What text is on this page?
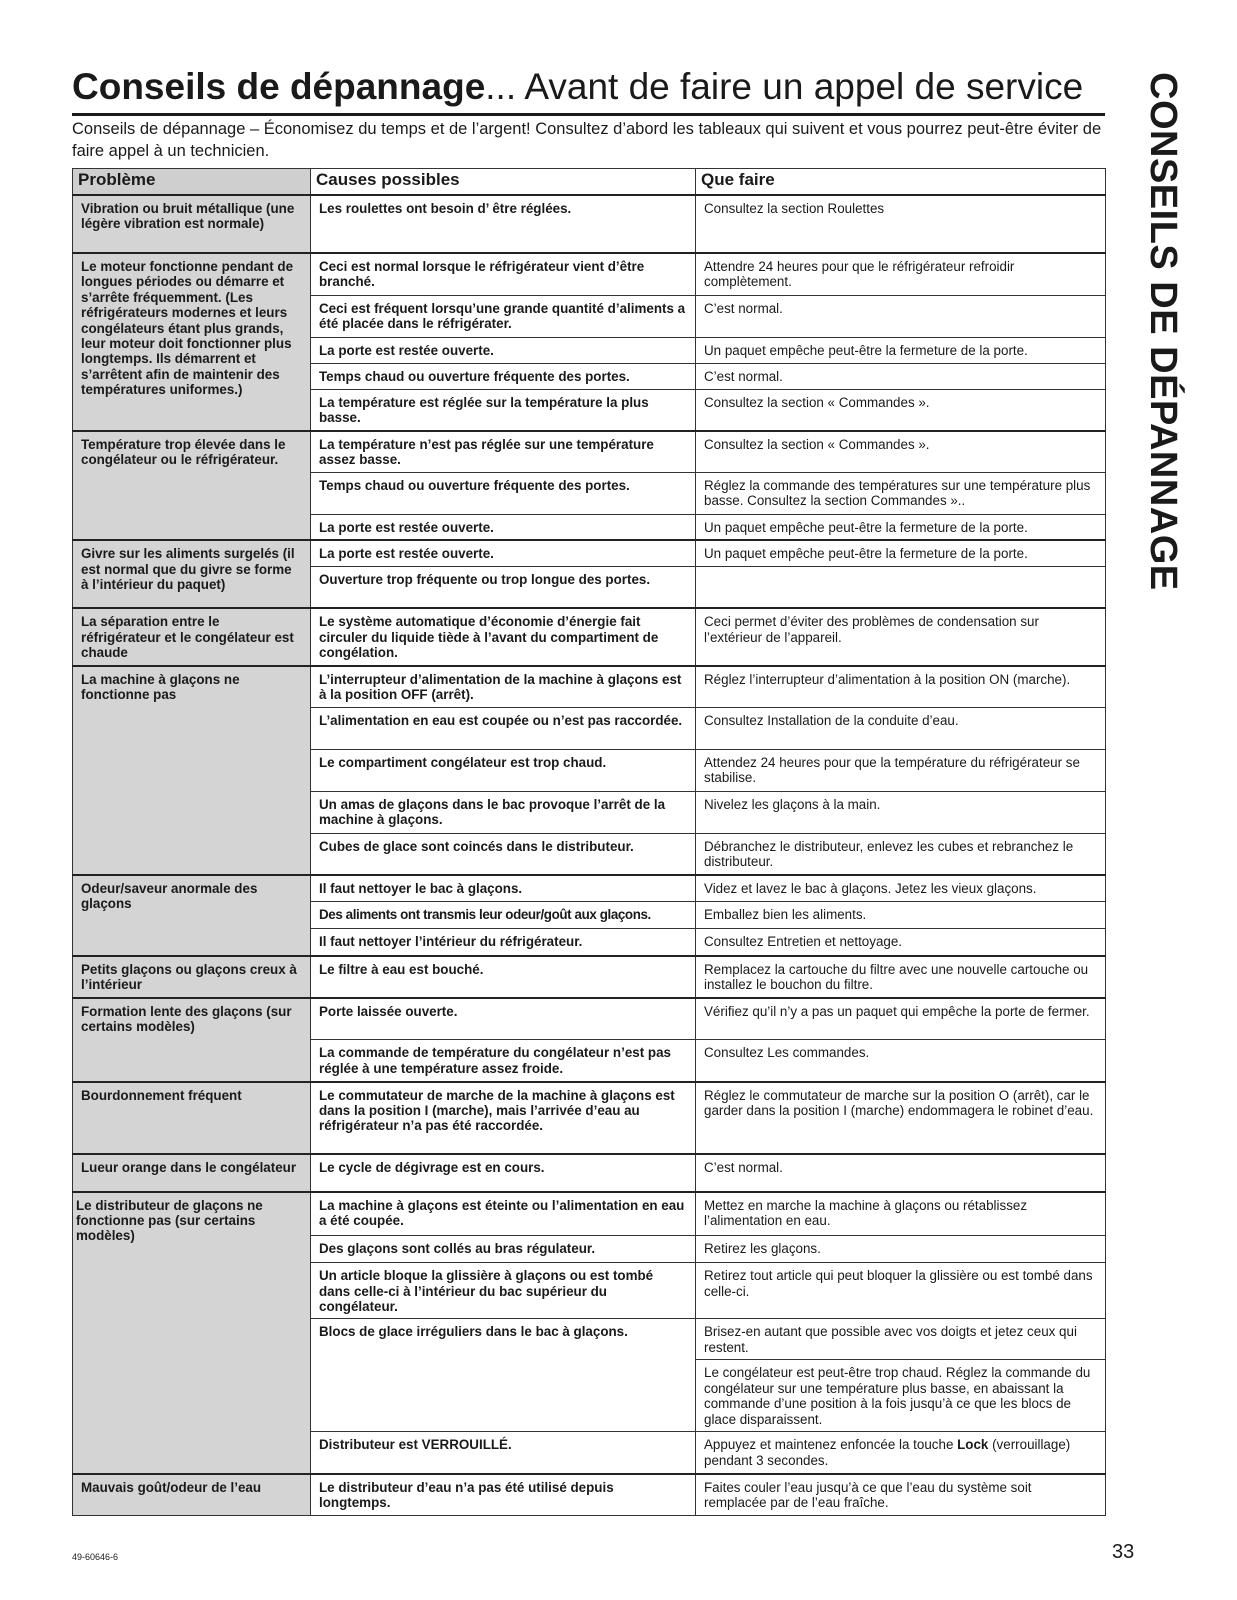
Conseils de dépannage... Avant de faire un appel de service
Conseils de dépannage – Économisez du temps et de l’argent! Consultez d’abord les tableaux qui suivent et vous pourrez peut-être éviter de faire appel à un technicien.	CONSEILS DE DÉPANNAGE
Problème	Causes possibles	Que faire
Vibration ou bruit métallique (une légère vibration est normale)	Les roulettes ont besoin d’ être réglées.	Consultez la section Roulettes
Le moteur fonctionne pendant de longues périodes ou démarre et s’arrête fréquemment. (Les réfrigérateurs modernes et leurs congélateurs étant plus grands, leur moteur doit fonctionner plus longtemps. Ils démarrent et s’arrêtent afin de maintenir des températures uniformes.)	Ceci est normal lorsque le réfrigérateur vient d’être branché.	Attendre 24 heures pour que le réfrigérateur refroidir complètement.
	Ceci est fréquent lorsqu’une grande quantité d’aliments a été placée dans le réfrigérater.	C’est normal.
	La porte est restée ouverte.	Un paquet empêche peut-être la fermeture de la porte.
	Temps chaud ou ouverture fréquente des portes.	C’est normal.
	La température est réglée sur la température la plus basse.	Consultez la section « Commandes ».
Température trop élevée dans le congélateur ou le réfrigérateur.	La température n’est pas réglée sur une température assez basse.	Consultez la section « Commandes ».
	Temps chaud ou ouverture fréquente des portes.	Réglez la commande des températures sur une température plus basse. Consultez la section Commandes »..
	La porte est restée ouverte.	Un paquet empêche peut-être la fermeture de la porte.
Givre sur les aliments surgelés (il est normal que du givre se forme à l’intérieur du paquet)	La porte est restée ouverte.	Un paquet empêche peut-être la fermeture de la porte.
	Ouverture trop fréquente ou trop longue des portes.	
La séparation entre le réfrigérateur et le congélateur est chaude	Le système automatique d’économie d’énergie fait circuler du liquide tiède à l’avant du compartiment de congélation.	Ceci permet d’éviter des problèmes de condensation sur l’extérieur de l’appareil.
La machine à glaçons ne fonctionne pas	L’interrupteur d’alimentation de la machine à glaçons est à la position OFF (arrêt).	Réglez l’interrupteur d’alimentation à la position ON (marche).
	L’alimentation en eau est coupée ou n’est pas raccordée.	Consultez Installation de la conduite d’eau.
	Le compartiment congélateur est trop chaud.	Attendez 24 heures pour que la température du réfrigérateur se stabilise.
	Un amas de glaçons dans le bac provoque l’arrêt de la machine à glaçons.	Nivelez les glaçons à la main.
	Cubes de glace sont coincés dans le distributeur.	Débranchez le distributeur, enlevez les cubes et rebranchez le distributeur.
Odeur/saveur anormale des glaçons	Il faut nettoyer le bac à glaçons.	Videz et lavez le bac à glaçons. Jetez les vieux glaçons.
	Des aliments ont transmis leur odeur/goût aux glaçons.	Emballez bien les aliments.
	Il faut nettoyer l’intérieur du réfrigérateur.	Consultez Entretien et nettoyage.
Petits glaçons ou glaçons creux à l’intérieur	Le filtre à eau est bouché.	Remplacez la cartouche du filtre avec une nouvelle cartouche ou installez le bouchon du filtre.
Formation lente des glaçons (sur certains modèles)	Porte laissée ouverte.	Vérifiez qu’il n’y a pas un paquet qui empêche la porte de fermer.
	La commande de température du congélateur n’est pas réglée à une température assez froide.	Consultez Les commandes.
Bourdonnement fréquent	Le commutateur de marche de la machine à glaçons est dans la position I (marche), mais l’arrivée d’eau au réfrigérateur n’a pas été raccordée.	Réglez le commutateur de marche sur la position O (arrêt), car le garder dans la position I (marche) endommagera le robinet d’eau.
Lueur orange dans le congélateur	Le cycle de dégivrage est en cours.	C’est normal.
Le distributeur de glaçons ne fonctionne pas (sur certains modèles)	La machine à glaçons est éteinte ou l’alimentation en eau a été coupée.	Mettez en marche la machine à glaçons ou rétablissez l’alimentation en eau.
	Des glaçons sont collés au bras régulateur.	Retirez les glaçons.
	Un article bloque la glissière à glaçons ou est tombé dans celle-ci à l’intérieur du bac supérieur du congélateur.	Retirez tout article qui peut bloquer la glissière ou est tombé dans celle-ci.
	Blocs de glace irréguliers dans le bac à glaçons.	Brisez-en autant que possible avec vos doigts et jetez ceux qui restent.
		Le congélateur est peut-être trop chaud. Réglez la commande du congélateur sur une température plus basse, en abaissant la commande d’une position à la fois jusqu’à ce que les blocs de glace disparaissent.
	Distributeur est VERROUILLÉ.	Appuyez et maintenez enfoncée la touche Lock (verrouillage) pendant 3 secondes.
Mauvais goût/odeur de l’eau	Le distributeur d’eau n’a pas été utilisé depuis longtemps.	Faites couler l’eau jusqu’à ce que l’eau du système soit remplacée par de l’eau fraîche.
49-60646-6	33
